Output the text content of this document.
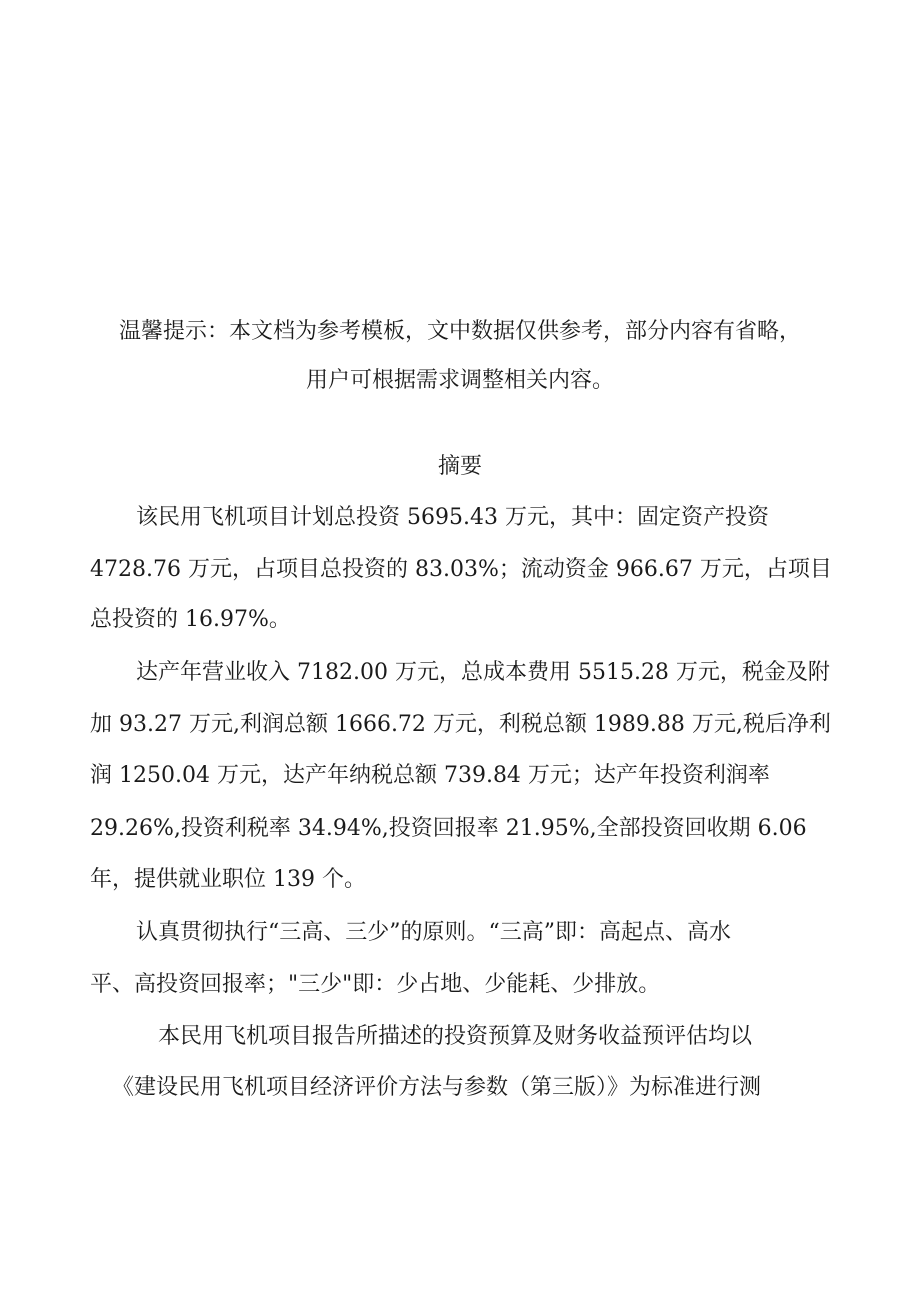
温馨提示：本文档为参考模板，文中数据仅供参考，部分内容有省略，
用户可根据需求调整相关内容。
摘要
该民用飞机项目计划总投资 5695.43 万元，其中：固定资产投资
4728.76 万元，占项目总投资的 83.03%；流动资金 966.67 万元，占项目
总投资的 16.97%。
达产年营业收入 7182.00 万元，总成本费用 5515.28 万元，税金及附
加 93.27 万元,利润总额 1666.72 万元，利税总额 1989.88 万元,税后净利
润 1250.04 万元，达产年纳税总额 739.84 万元；达产年投资利润率
29.26%,投资利税率 34.94%,投资回报率 21.95%,全部投资回收期 6.06
年，提供就业职位 139 个。
认真贯彻执行“三高、三少”的原则。“三高”即：高起点、高水
平、高投资回报率；"三少"即：少占地、少能耗、少排放。
本民用飞机项目报告所描述的投资预算及财务收益预评估均以
《建设民用飞机项目经济评价方法与参数（第三版）》为标准进行测
